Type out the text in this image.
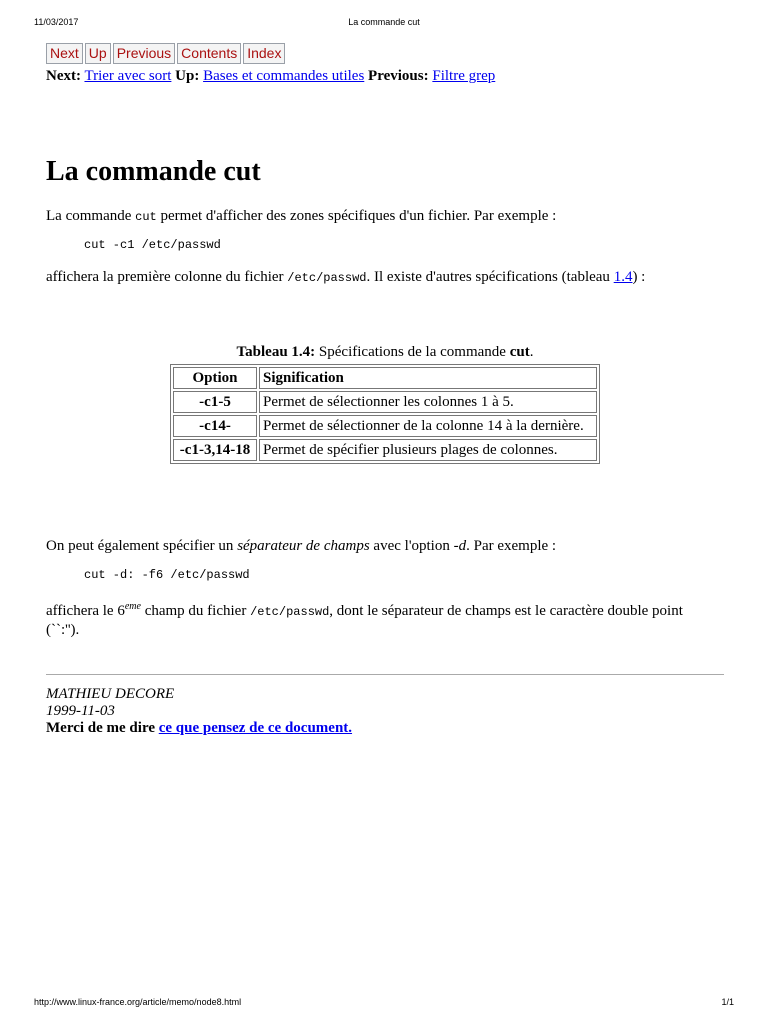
11/03/2017	La commande cut
Next Up Previous Contents Index
Next: Trier avec sort Up: Bases et commandes utiles Previous: Filtre grep
La commande cut

La commande cut permet d'afficher des zones spécifiques d'un fichier. Par exemple :

cut -c1 /etc/passwd

affichera la première colonne du fichier /etc/passwd. Il existe d'autres spécifications (tableau 1.4) :

Tableau 1.4: Spécifications de la commande cut.
Option	Signification
-c1-5	Permet de sélectionner les colonnes 1 à 5.
-c14-	Permet de sélectionner de la colonne 14 à la dernière.
-c1-3,14-18	Permet de spécifier plusieurs plages de colonnes.

On peut également spécifier un séparateur de champs avec l'option -d. Par exemple :

cut -d: -f6 /etc/passwd

affichera le 6eme champ du fichier /etc/passwd, dont le séparateur de champs est le caractère double point (``:'').

MATHIEU DECORE
1999-11-03
Merci de me dire ce que pensez de ce document.
http://www.linux-france.org/article/memo/node8.html	1/1
